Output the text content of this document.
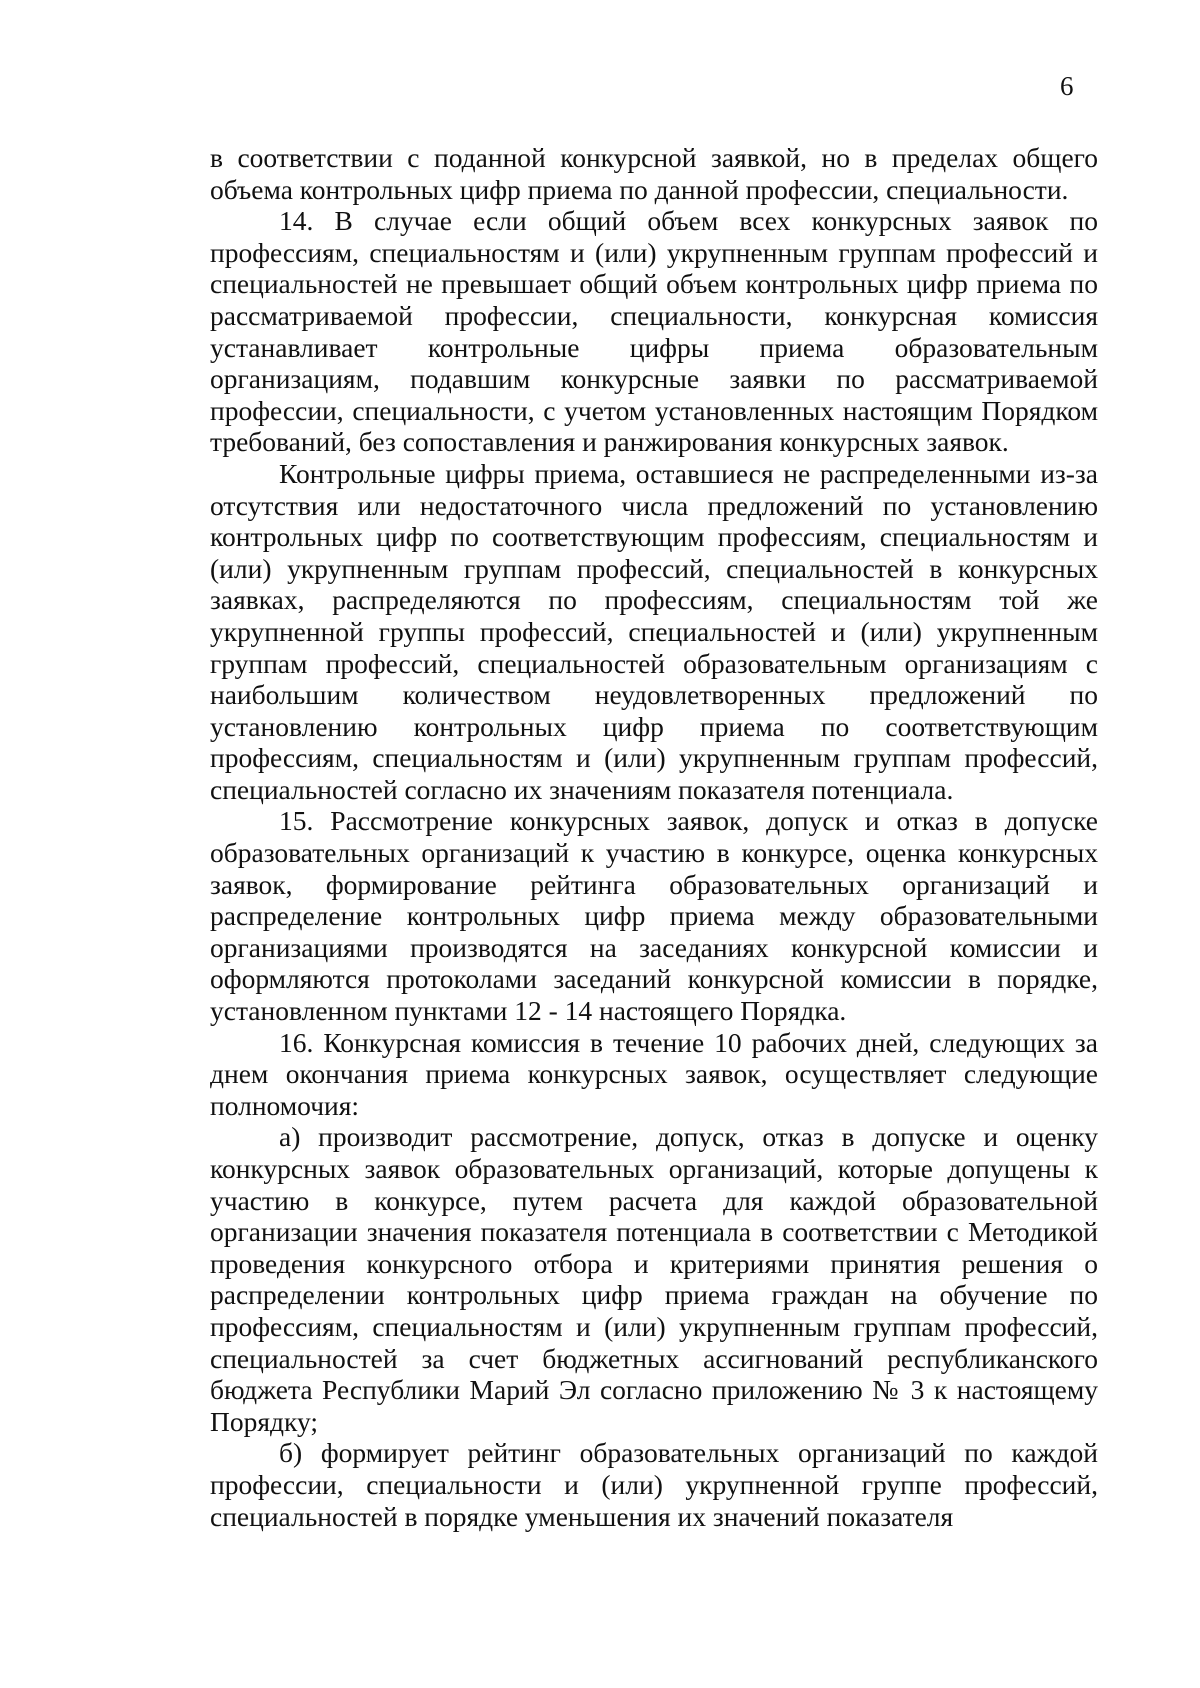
6

в соответствии с поданной конкурсной заявкой, но в пределах общего объема контрольных цифр приема по данной профессии, специальности.

14. В случае если общий объем всех конкурсных заявок по профессиям, специальностям и (или) укрупненным группам профессий и специальностей не превышает общий объем контрольных цифр приема по рассматриваемой профессии, специальности, конкурсная комиссия устанавливает контрольные цифры приема образовательным организациям, подавшим конкурсные заявки по рассматриваемой профессии, специальности, с учетом установленных настоящим Порядком требований, без сопоставления и ранжирования конкурсных заявок.

Контрольные цифры приема, оставшиеся не распределенными из-за отсутствия или недостаточного числа предложений по установлению контрольных цифр по соответствующим профессиям, специальностям и (или) укрупненным группам профессий, специальностей в конкурсных заявках, распределяются по профессиям, специальностям той же укрупненной группы профессий, специальностей и (или) укрупненным группам профессий, специальностей образовательным организациям с наибольшим количеством неудовлетворенных предложений по установлению контрольных цифр приема по соответствующим профессиям, специальностям и (или) укрупненным группам профессий, специальностей согласно их значениям показателя потенциала.

15. Рассмотрение конкурсных заявок, допуск и отказ в допуске образовательных организаций к участию в конкурсе, оценка конкурсных заявок, формирование рейтинга образовательных организаций и распределение контрольных цифр приема между образовательными организациями производятся на заседаниях конкурсной комиссии и оформляются протоколами заседаний конкурсной комиссии в порядке, установленном пунктами 12 - 14 настоящего Порядка.

16. Конкурсная комиссия в течение 10 рабочих дней, следующих за днем окончания приема конкурсных заявок, осуществляет следующие полномочия:

а) производит рассмотрение, допуск, отказ в допуске и оценку конкурсных заявок образовательных организаций, которые допущены к участию в конкурсе, путем расчета для каждой образовательной организации значения показателя потенциала в соответствии с Методикой проведения конкурсного отбора и критериями принятия решения о распределении контрольных цифр приема граждан на обучение по профессиям, специальностям и (или) укрупненным группам профессий, специальностей за счет бюджетных ассигнований республиканского бюджета Республики Марий Эл согласно приложению № 3 к настоящему Порядку;

б) формирует рейтинг образовательных организаций по каждой профессии, специальности и (или) укрупненной группе профессий, специальностей в порядке уменьшения их значений показателя
